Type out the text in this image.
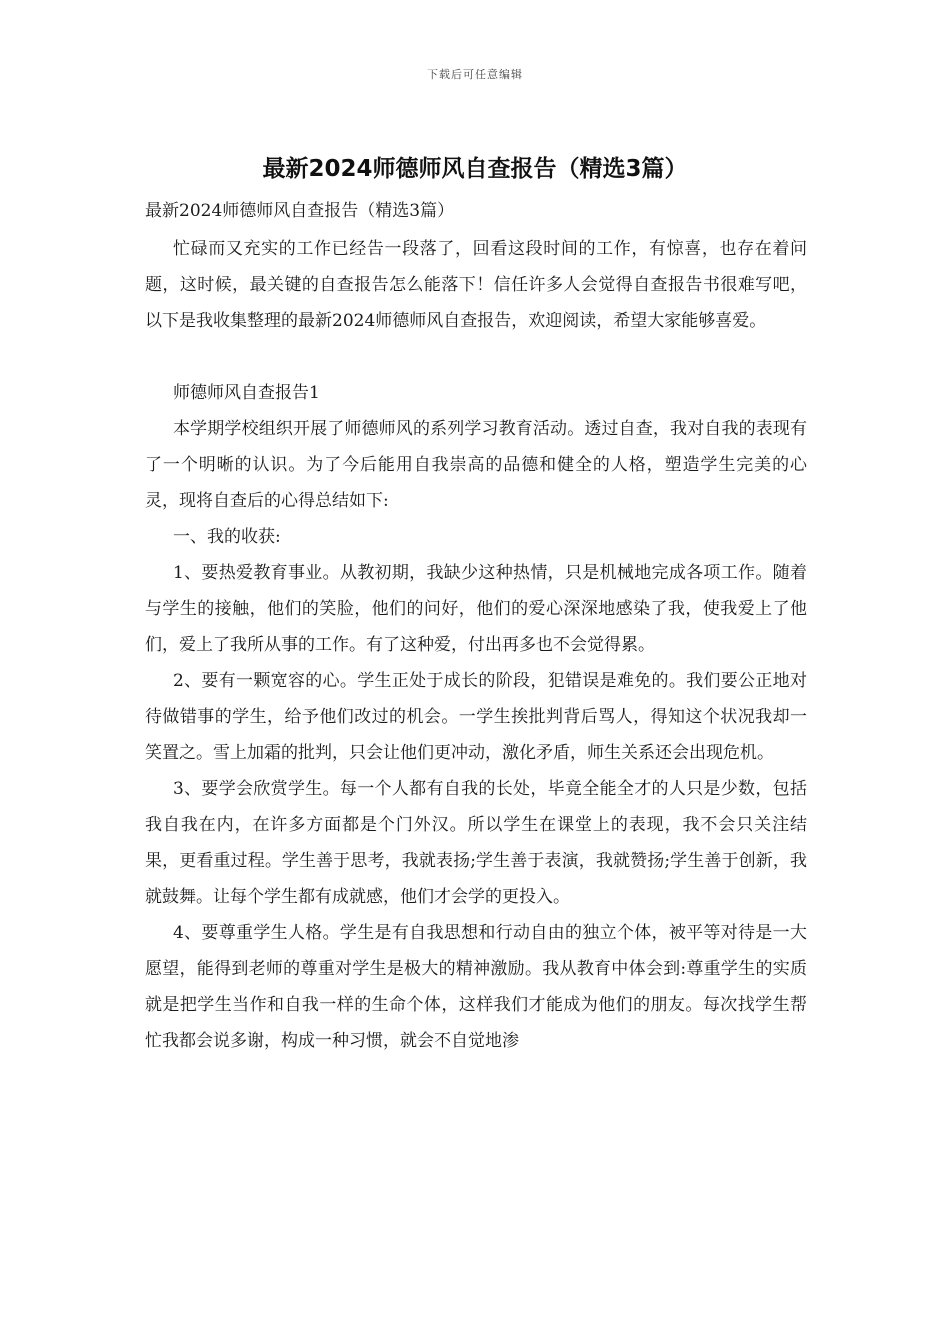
下载后可任意编辑
最新2024师德师风自查报告（精选3篇）

最新2024师德师风自查报告（精选3篇）

忙碌而又充实的工作已经告一段落了，回看这段时间的工作，有惊喜，也存在着问题，这时候，最关键的自查报告怎么能落下！信任许多人会觉得自查报告书很难写吧，以下是我收集整理的最新2024师德师风自查报告，欢迎阅读，希望大家能够喜爱。

师德师风自查报告1

本学期学校组织开展了师德师风的系列学习教育活动。透过自查，我对自我的表现有了一个明晰的认识。为了今后能用自我崇高的品德和健全的人格，塑造学生完美的心灵，现将自查后的心得总结如下:

一、我的收获:

1、要热爱教育事业。从教初期，我缺少这种热情，只是机械地完成各项工作。随着与学生的接触，他们的笑脸，他们的问好，他们的爱心深深地感染了我，使我爱上了他们，爱上了我所从事的工作。有了这种爱，付出再多也不会觉得累。

2、要有一颗宽容的心。学生正处于成长的阶段，犯错误是难免的。我们要公正地对待做错事的学生，给予他们改过的机会。一学生挨批判背后骂人，得知这个状况我却一笑置之。雪上加霜的批判，只会让他们更冲动，激化矛盾，师生关系还会出现危机。

3、要学会欣赏学生。每一个人都有自我的长处，毕竟全能全才的人只是少数，包括我自我在内，在许多方面都是个门外汉。所以学生在课堂上的表现，我不会只关注结果，更看重过程。学生善于思考，我就表扬;学生善于表演，我就赞扬;学生善于创新，我就鼓舞。让每个学生都有成就感，他们才会学的更投入。

4、要尊重学生人格。学生是有自我思想和行动自由的独立个体，被平等对待是一大愿望，能得到老师的尊重对学生是极大的精神激励。我从教育中体会到:尊重学生的实质就是把学生当作和自我一样的生命个体，这样我们才能成为他们的朋友。每次找学生帮忙我都会说多谢，构成一种习惯，就会不自觉地渗
